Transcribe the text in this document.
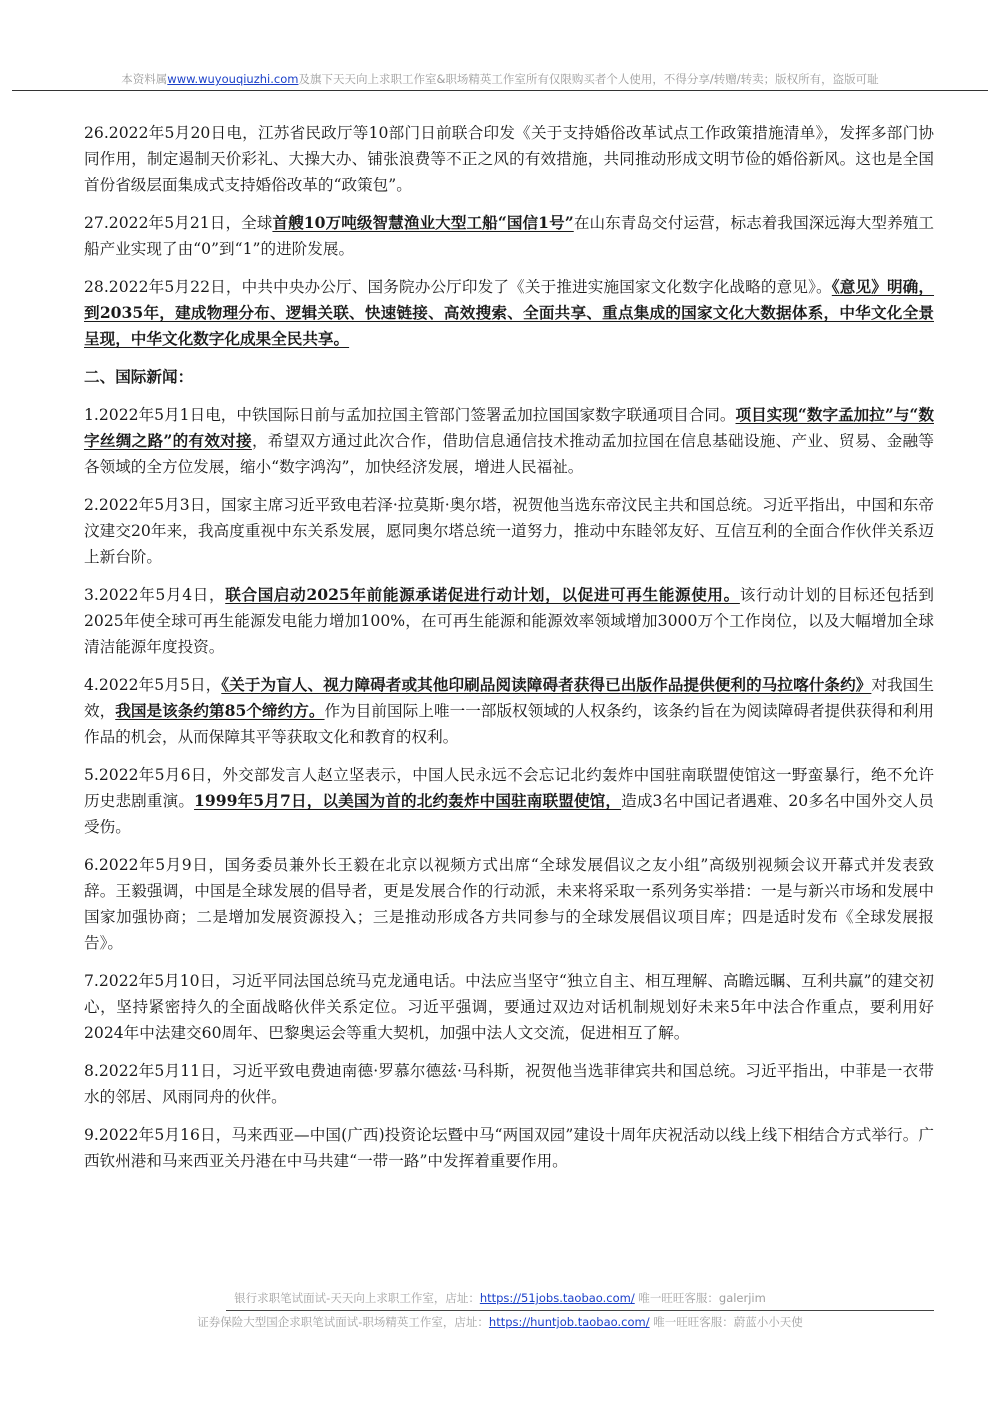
本资料属www.wuyouqiuzhi.com及旗下天天向上求职工作室&职场精英工作室所有仅限购买者个人使用，不得分享/转赠/转卖；版权所有，盗版可耻

26.2022年5月20日电，江苏省民政厅等10部门日前联合印发《关于支持婚俗改革试点工作政策措施清单》，发挥多部门协同作用，制定遏制天价彩礼、大操大办、铺张浪费等不正之风的有效措施，共同推动形成文明节俭的婚俗新风。这也是全国首份省级层面集成式支持婚俗改革的“政策包”。

27.2022年5月21日，全球首艘10万吨级智慧渔业大型工船“国信1号”在山东青岛交付运营，标志着我国深远海大型养殖工船产业实现了由“0”到“1”的进阶发展。

28.2022年5月22日，中共中央办公厅、国务院办公厅印发了《关于推进实施国家文化数字化战略的意见》。《意见》明确，到2035年，建成物理分布、逻辑关联、快速链接、高效搜索、全面共享、重点集成的国家文化大数据体系，中华文化全景呈现，中华文化数字化成果全民共享。

二、国际新闻：

1.2022年5月1日电，中铁国际日前与孟加拉国主管部门签署孟加拉国国家数字联通项目合同。项目实现“数字孟加拉”与“数字丝绸之路”的有效对接，希望双方通过此次合作，借助信息通信技术推动孟加拉国在信息基础设施、产业、贸易、金融等各领域的全方位发展，缩小“数字鸿沟”，加快经济发展，增进人民福祉。

2.2022年5月3日，国家主席习近平致电若泽·拉莫斯·奥尔塔，祝贺他当选东帝汶民主共和国总统。习近平指出，中国和东帝汶建交20年来，我高度重视中东关系发展，愿同奥尔塔总统一道努力，推动中东睦邻友好、互信互利的全面合作伙伴关系迈上新台阶。

3.2022年5月4日，联合国启动2025年前能源承诺促进行动计划，以促进可再生能源使用。该行动计划的目标还包括到2025年使全球可再生能源发电能力增加100%，在可再生能源和能源效率领域增加3000万个工作岗位，以及大幅增加全球清洁能源年度投资。

4.2022年5月5日，《关于为盲人、视力障碍者或其他印刷品阅读障碍者获得已出版作品提供便利的马拉喀什条约》对我国生效，我国是该条约第85个缔约方。作为目前国际上唯一一部版权领域的人权条约，该条约旨在为阅读障碍者提供获得和利用作品的机会，从而保障其平等获取文化和教育的权利。

5.2022年5月6日，外交部发言人赵立坚表示，中国人民永远不会忘记北约轰炸中国驻南联盟使馆这一野蛮暴行，绝不允许历史悲剧重演。1999年5月7日，以美国为首的北约轰炸中国驻南联盟使馆，造成3名中国记者遇难、20多名中国外交人员受伤。

6.2022年5月9日，国务委员兼外长王毅在北京以视频方式出席“全球发展倡议之友小组”高级别视频会议开幕式并发表致辞。王毅强调，中国是全球发展的倡导者，更是发展合作的行动派，未来将采取一系列务实举措：一是与新兴市场和发展中国家加强协商；二是增加发展资源投入；三是推动形成各方共同参与的全球发展倡议项目库；四是适时发布《全球发展报告》。

7.2022年5月10日，习近平同法国总统马克龙通电话。中法应当坚守“独立自主、相互理解、高瞻远瞩、互利共赢”的建交初心，坚持紧密持久的全面战略伙伴关系定位。习近平强调，要通过双边对话机制规划好未来5年中法合作重点，要利用好2024年中法建交60周年、巴黎奥运会等重大契机，加强中法人文交流，促进相互了解。

8.2022年5月11日，习近平致电费迪南德·罗慕尔德兹·马科斯，祝贺他当选菲律宾共和国总统。习近平指出，中菲是一衣带水的邻居、风雨同舟的伙伴。

9.2022年5月16日，马来西亚—中国(广西)投资论坛暨中马“两国双园”建设十周年庆祝活动以线上线下相结合方式举行。广西钦州港和马来西亚关丹港在中马共建“一带一路”中发挥着重要作用。

银行求职笔试面试-天天向上求职工作室，店址：https://51jobs.taobao.com/ 唯一旺旺客服：galerjim
证券保险大型国企求职笔试面试-职场精英工作室，店址：https://huntjob.taobao.com/ 唯一旺旺客服：蔚蓝小小天使
